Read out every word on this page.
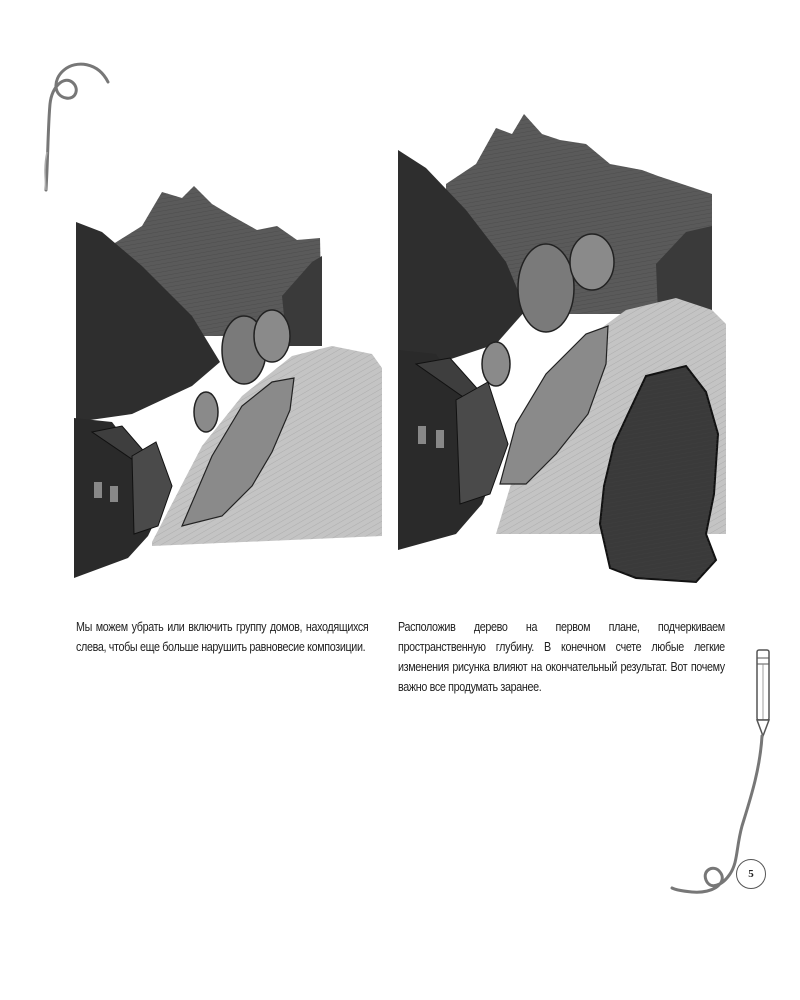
Мы можем убрать или включить группу домов, находящихся слева, чтобы еще больше нарушить равновесие композиции.

Расположив дерево на первом плане, подчеркиваем пространственную глубину. В конечном счете любые легкие изменения рисунка влияют на окончательный результат. Вот почему важно все продумать заранее.

5
